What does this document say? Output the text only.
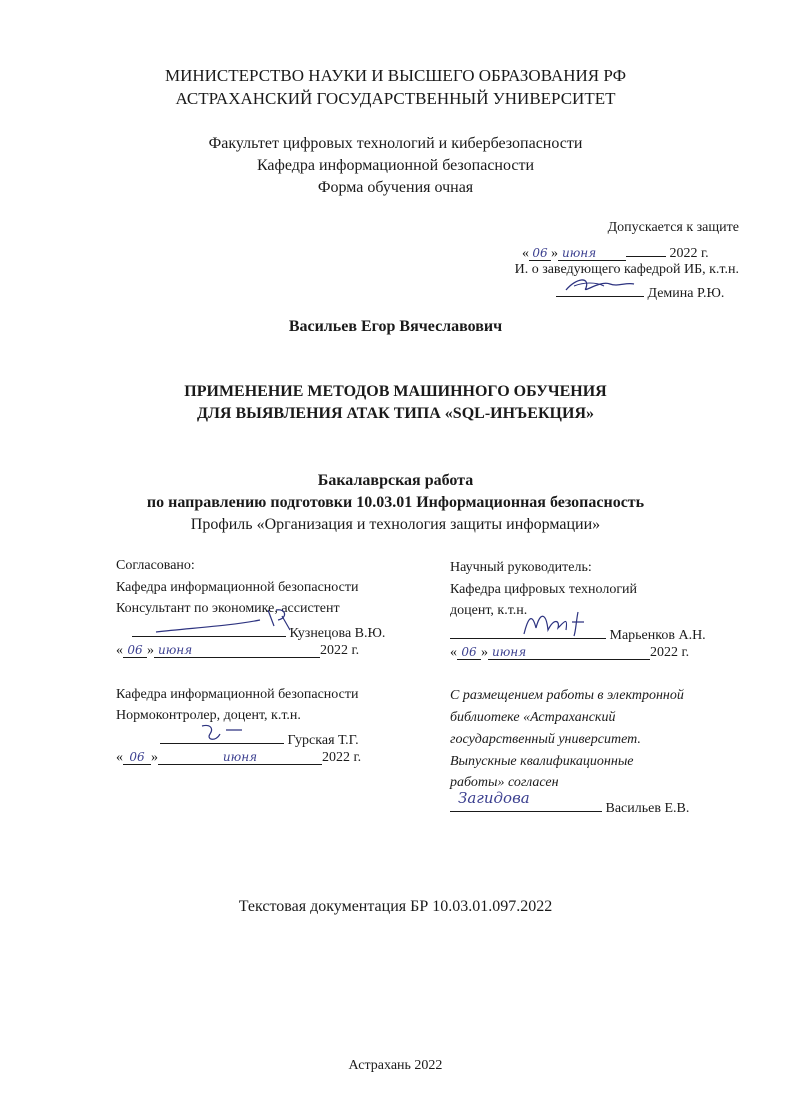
МИНИСТЕРСТВО НАУКИ И ВЫСШЕГО ОБРАЗОВАНИЯ РФ
АСТРАХАНСКИЙ ГОСУДАРСТВЕННЫЙ УНИВЕРСИТЕТ
Факультет цифровых технологий и кибербезопасности
Кафедра информационной безопасности
Форма обучения очная
Допускается к защите
« 06 » июня	2022 г.
И. о заведующего кафедрой ИБ, к.т.н.
Демина Р.Ю.
Васильев Егор Вячеславович
ПРИМЕНЕНИЕ МЕТОДОВ МАШИННОГО ОБУЧЕНИЯ
ДЛЯ ВЫЯВЛЕНИЯ АТАК ТИПА «SQL-ИНЪЕКЦИЯ»
Бакалаврская работа
по направлению подготовки 10.03.01 Информационная безопасность
Профиль «Организация и технология защиты информации»
Согласовано:
Кафедра информационной безопасности
Консультант по экономике, ассистент
Кузнецова В.Ю.
« 06 » июня	2022 г.
Кафедра информационной безопасности
Нормоконтролер, доцент, к.т.н.
Гурская Т.Г.
« 06 »	июня	2022 г.
Научный руководитель:
Кафедра цифровых технологий
доцент, к.т.н.
Марьенков А.Н.
« 06 » июня	2022 г.
С размещением работы в электронной
библиотеке «Астраханский
государственный университет.
Выпускные квалификационные
работы» согласен
Загидова
Васильев Е.В.
Текстовая документация БР 10.03.01.097.2022
Астрахань 2022
